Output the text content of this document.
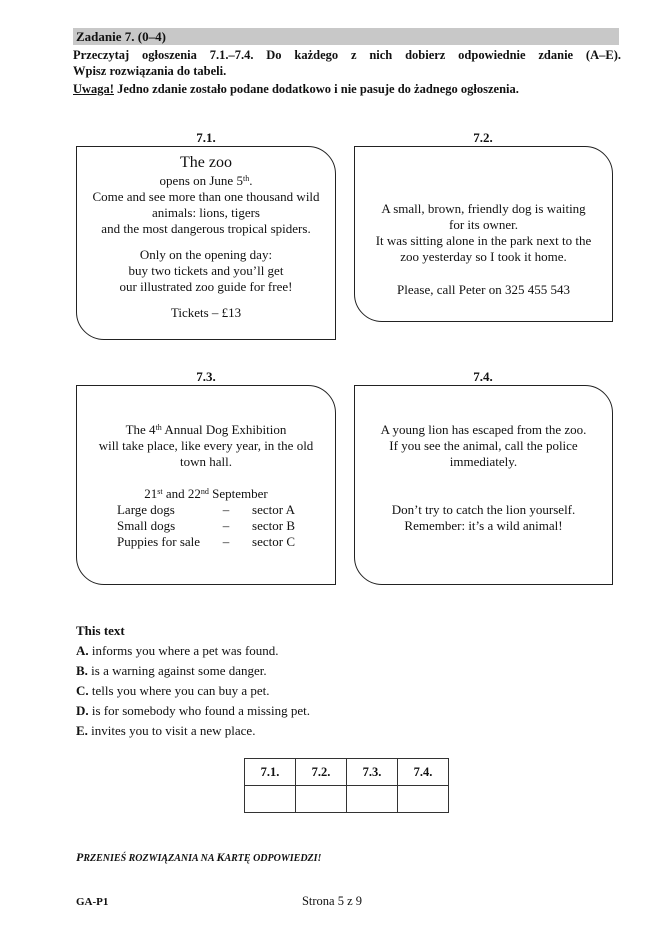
Zadanie 7. (0–4)
Przeczytaj ogłoszenia 7.1.–7.4. Do każdego z nich dobierz odpowiednie zdanie (A–E).
Wpisz rozwiązania do tabeli.
Uwaga! Jedno zdanie zostało podane dodatkowo i nie pasuje do żadnego ogłoszenia.
7.1.

The zoo

opens on June 5th.

Come and see more than one thousand wild

animals: lions, tigers

and the most dangerous tropical spiders.

Only on the opening day:

buy two tickets and you’ll get

our illustrated zoo guide for free!

Tickets – £13

7.2.

A small, brown, friendly dog is waiting

for its owner.

It was sitting alone in the park next to the

zoo yesterday so I took it home.

Please, call Peter on 325 455 543

7.3.

The 4th Annual Dog Exhibition

will take place, like every year, in the old

town hall.

21st and 22nd September

Large dogs	–	sector A
Small dogs	–	sector B
Puppies for sale	–	sector C
7.4.

A young lion has escaped from the zoo.

If you see the animal, call the police

immediately.

Don’t try to catch the lion yourself.

Remember: it’s a wild animal!

This text
A. informs you where a pet was found.
B. is a warning against some danger.
C. tells you where you can buy a pet.
D. is for somebody who found a missing pet.
E. invites you to visit a new place.
7.1.	7.2.	7.3.	7.4.

PRZENIEŚ ROZWIĄZANIA NA KARTĘ ODPOWIEDZI!
GA-P1	Strona 5 z 9
